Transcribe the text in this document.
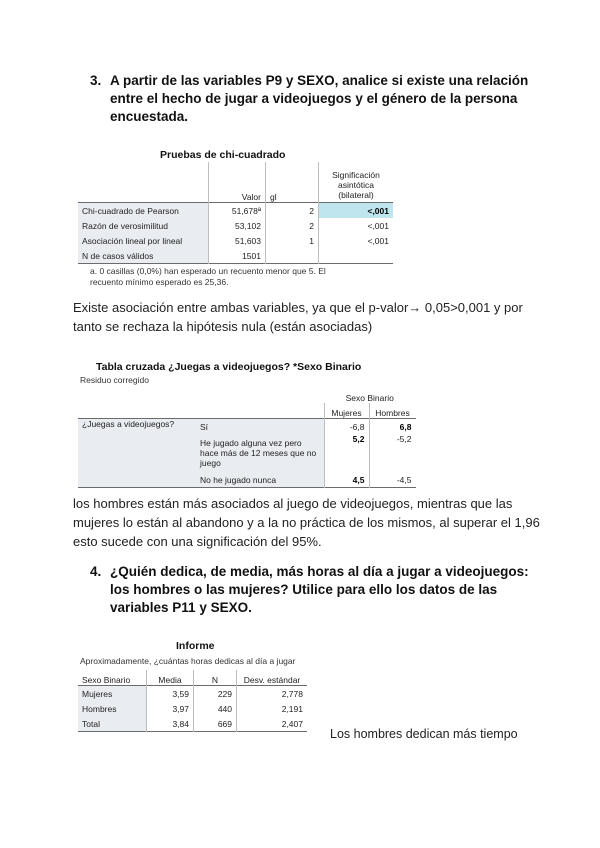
3. A partir de las variables P9 y SEXO, analice si existe una relación entre el hecho de jugar a videojuegos y el género de la persona encuestada.
Pruebas de chi-cuadrado
	Valor	gl	Significación asintótica (bilateral)
Chi-cuadrado de Pearson	51,678ª	2	<,001
Razón de verosimilitud	53,102	2	<,001
Asociación lineal por lineal	51,603	1	<,001
N de casos válidos	1501		
a. 0 casillas (0,0%) han esperado un recuento menor que 5. El recuento mínimo esperado es 25,36.
Existe asociación entre ambas variables, ya que el p-valor→ 0,05>0,001 y por tanto se rechaza la hipótesis nula (están asociadas)
Tabla cruzada ¿Juegas a videojuegos? *Sexo Binario
Residuo corregido
		Sexo Binario	
		Mujeres	Hombres
¿Juegas a videojuegos?	Sí	-6,8	6,8
	He jugado alguna vez pero hace más de 12 meses que no juego	5,2	-5,2
	No he jugado nunca	4,5	-4,5
los hombres están más asociados al juego de videojuegos, mientras que las mujeres lo están al abandono y a la no práctica de los mismos, al superar el 1,96 esto sucede con una significación del 95%.
4. ¿Quién dedica, de media, más horas al día a jugar a videojuegos: los hombres o las mujeres? Utilice para ello los datos de las variables P11 y SEXO.
Informe
Aproximadamente, ¿cuántas horas dedicas al día a jugar
Sexo Binario	Media	N	Desv. estándar
Mujeres	3,59	229	2,778
Hombres	3,97	440	2,191
Total	3,84	669	2,407
Los hombres dedican más tiempo
